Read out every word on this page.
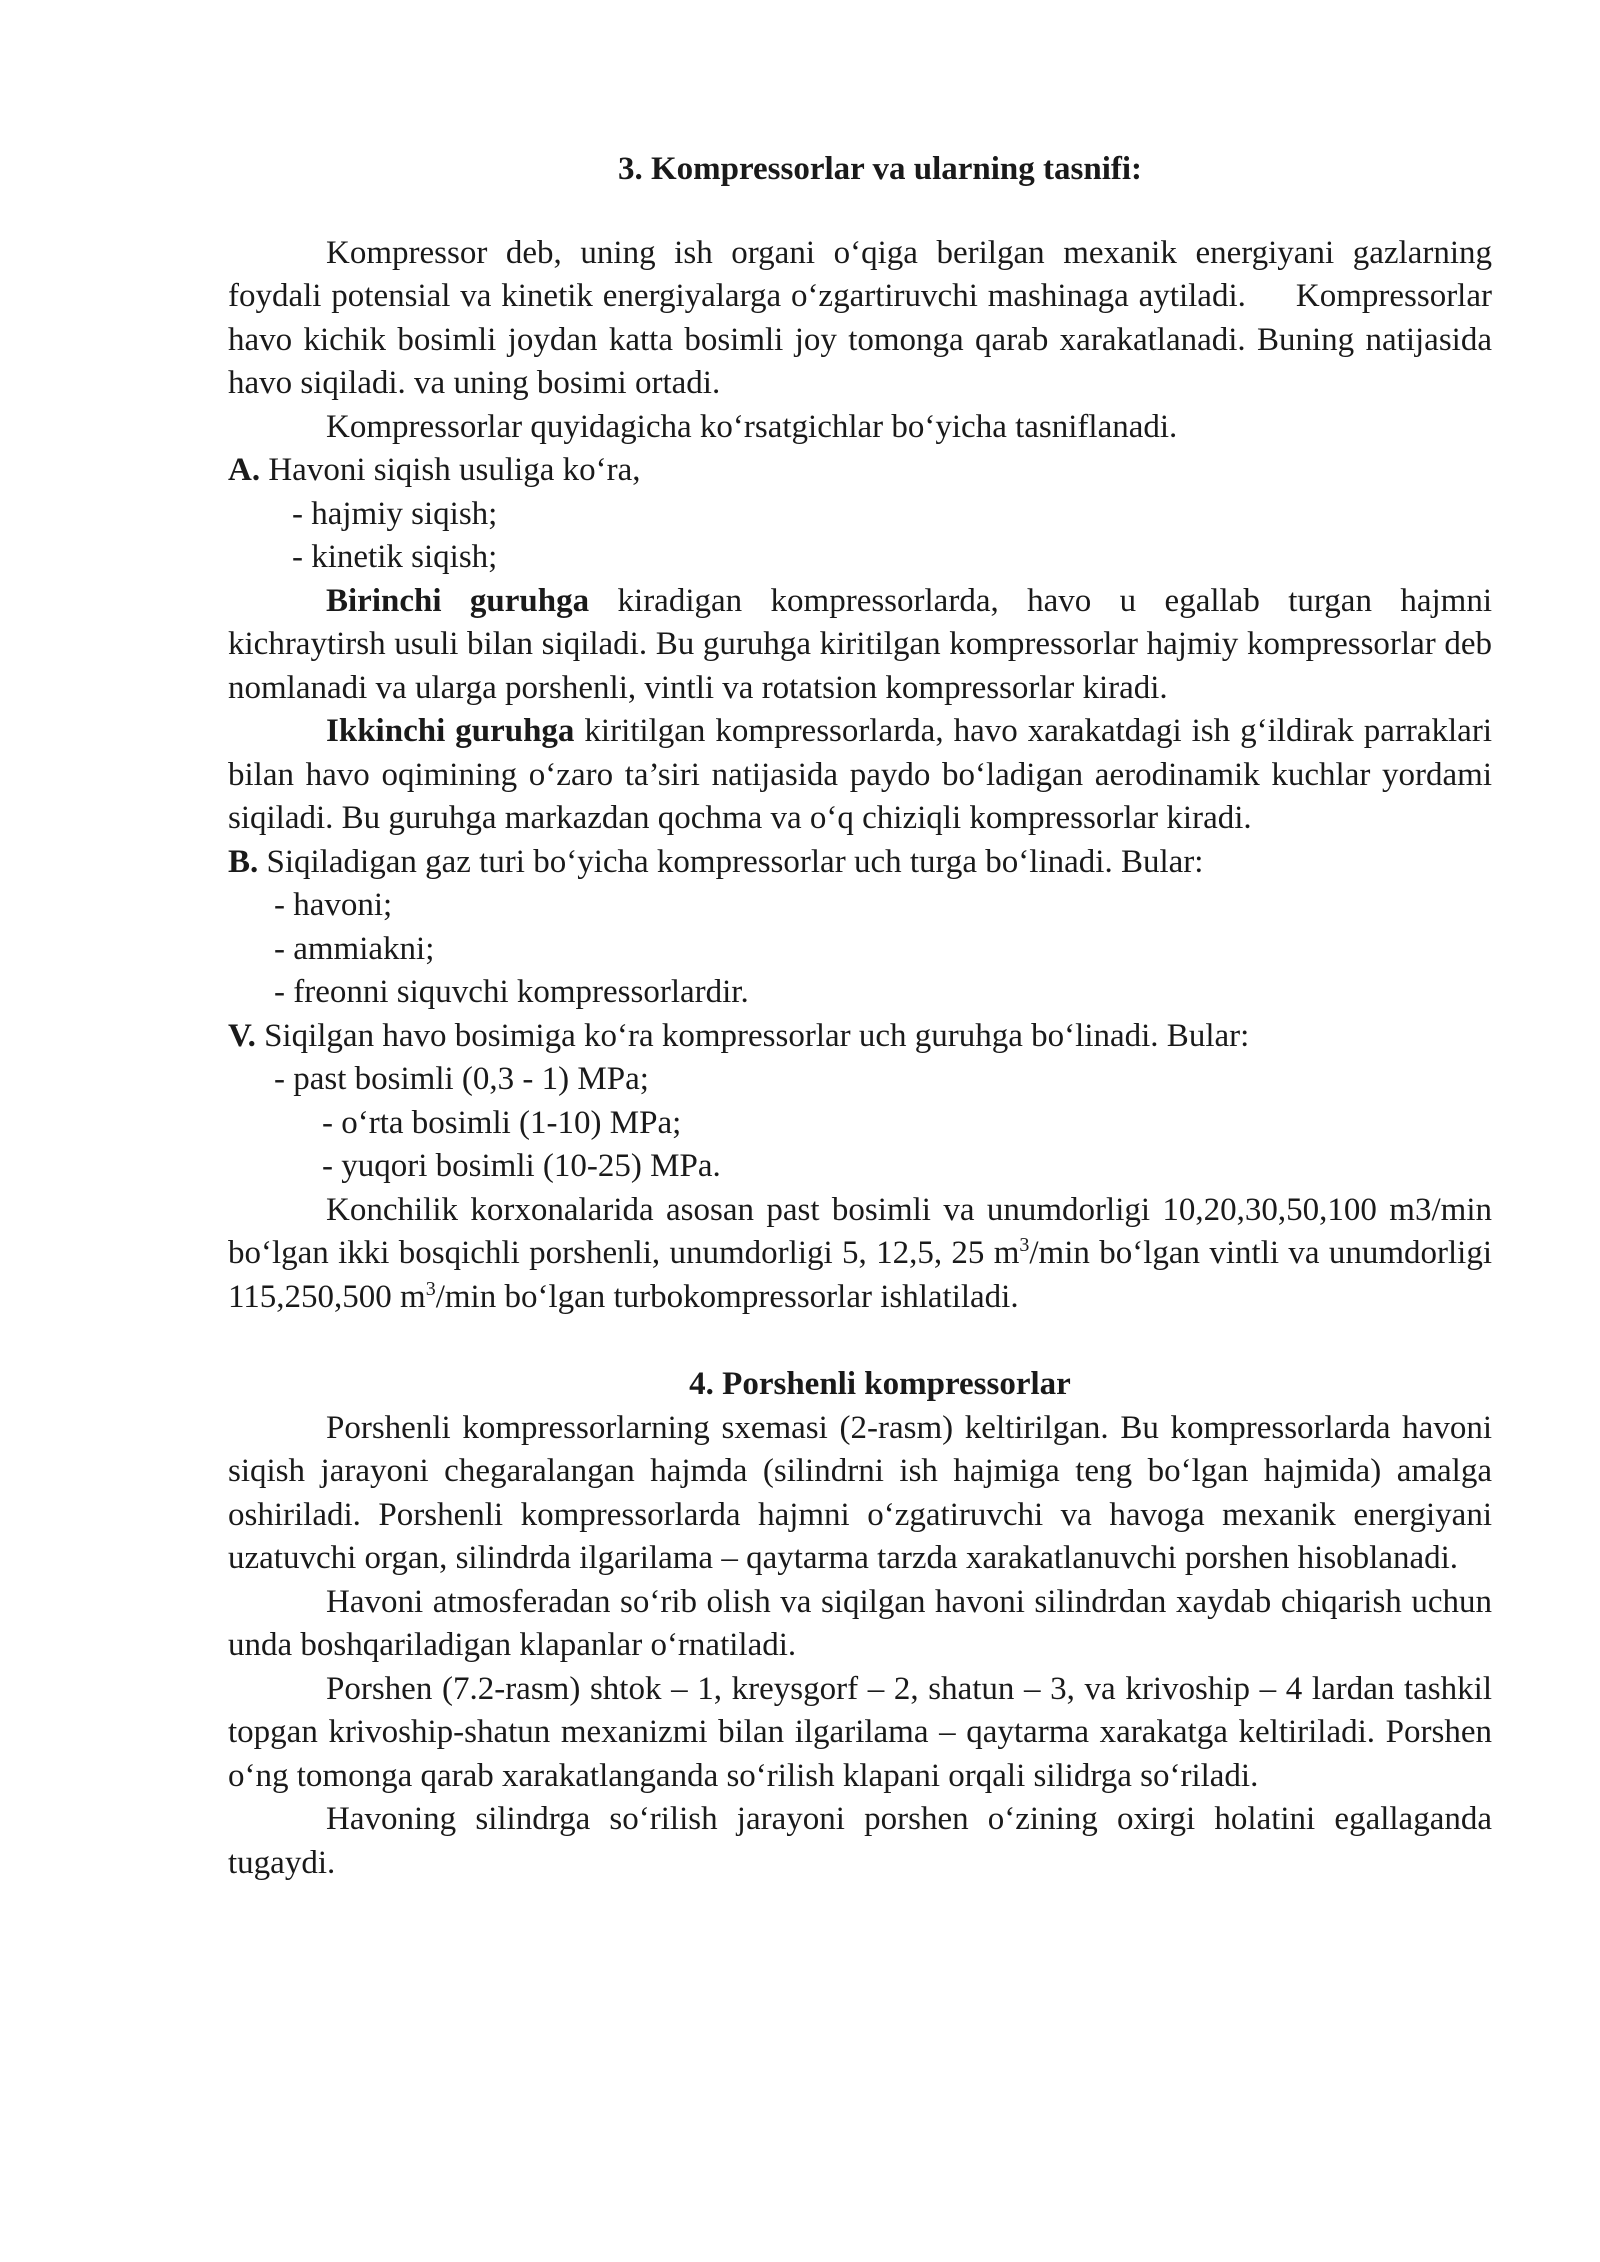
3. Kompressorlar va ularning tasnifi:

Kompressor deb, uning ish organi o‘qiga berilgan mexanik energiyani gazlarning foydali potensial va kinetik energiyalarga o‘zgartiruvchi mashinaga aytiladi. Kompressorlar havo kichik bosimli joydan katta bosimli joy tomonga qarab xarakatlanadi. Buning natijasida havo siqiladi. va uning bosimi ortadi.

Kompressorlar quyidagicha ko‘rsatgichlar bo‘yicha tasniflanadi.

A. Havoni siqish usuliga ko‘ra,

- hajmiy siqish;

- kinetik siqish;

Birinchi guruhga kiradigan kompressorlarda, havo u egallab turgan hajmni kichraytirsh usuli bilan siqiladi. Bu guruhga kiritilgan kompressorlar hajmiy kompressorlar deb nomlanadi va ularga porshenli, vintli va rotatsion kompressorlar kiradi.

Ikkinchi guruhga kiritilgan kompressorlarda, havo xarakatdagi ish g‘ildirak parraklari bilan havo oqimining o‘zaro ta’siri natijasida paydo bo‘ladigan aerodinamik kuchlar yordami siqiladi. Bu guruhga markazdan qochma va o‘q chiziqli kompressorlar kiradi.

B. Siqiladigan gaz turi bo‘yicha kompressorlar uch turga bo‘linadi. Bular:

- havoni;

- ammiakni;

- freonni siquvchi kompressorlardir.

V. Siqilgan havo bosimiga ko‘ra kompressorlar uch guruhga bo‘linadi. Bular:

- past bosimli (0,3 - 1) MPa;

- o‘rta bosimli (1-10) MPa;

- yuqori bosimli (10-25) MPa.

Konchilik korxonalarida asosan past bosimli va unumdorligi 10,20,30,50,100 m3/min bo‘lgan ikki bosqichli porshenli, unumdorligi 5, 12,5, 25 $m^3/\min$ bo‘lgan vintli va unumdorligi 115,250,500 $m^3/\min$ bo‘lgan turbokompressorlar ishlatiladi.

4. Porshenli kompressorlar

Porshenli kompressorlarning sxemasi (2-rasm) keltirilgan. Bu kompressorlarda havoni siqish jarayoni chegaralangan hajmda (silindrni ish hajmiga teng bo‘lgan hajmida) amalga oshiriladi. Porshenli kompressorlarda hajmni o‘zgatiruvchi va havoga mexanik energiyani uzatuvchi organ, silindrda ilgarilama – qaytarma tarzda xarakatlanuvchi porshen hisoblanadi.

Havoni atmosferadan so‘rib olish va siqilgan havoni silindrdan xaydab chiqarish uchun unda boshqariladigan klapanlar o‘rnatiladi.

Porshen (7.2-rasm) shtok – 1, kreysgorf – 2, shatun – 3, va krivoship – 4 lardan tashkil topgan krivoship-shatun mexanizmi bilan ilgarilama – qaytarma xarakatga keltiriladi. Porshen o‘ng tomonga qarab xarakatlanganda so‘rilish klapani orqali silidrga so‘riladi.

Havoning silindrga so‘rilish jarayoni porshen o‘zining oxirgi holatini egallaganda tugaydi.
